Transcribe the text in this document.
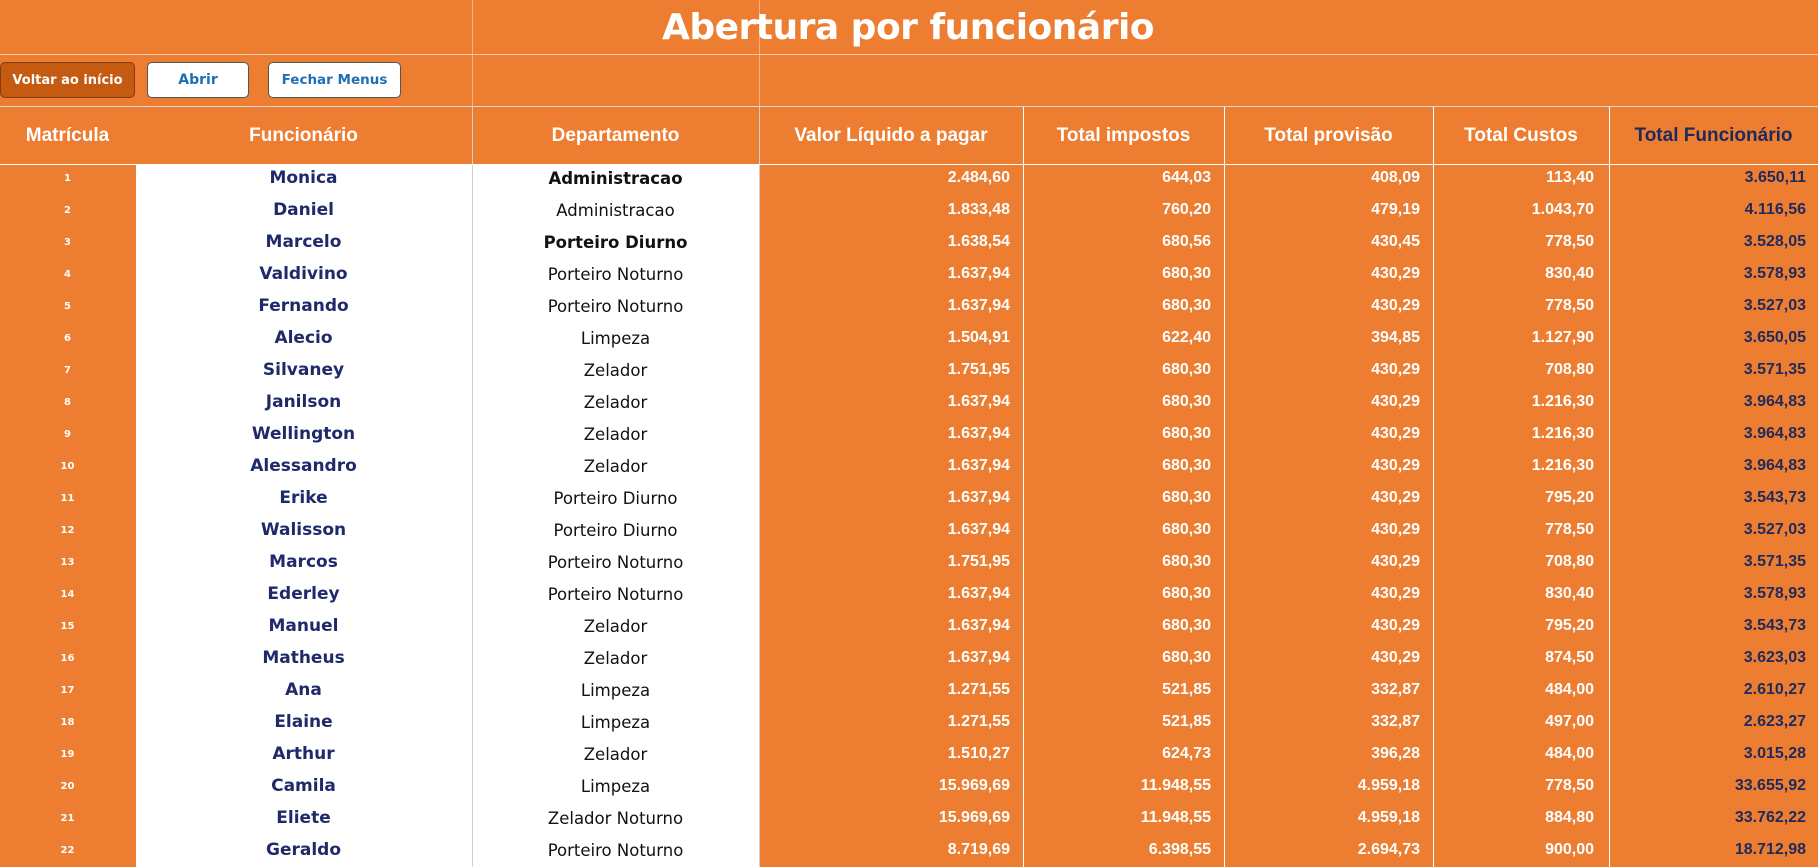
Abertura por funcionário
Voltar ao início	Abrir	Fechar Menus
Matrícula	Funcionário	Departamento	Valor Líquido a pagar	Total impostos	Total provisão	Total Custos	Total Funcionário
1	Monica	Administracao	2.484,60	644,03	408,09	113,40	3.650,11
2	Daniel	Administracao	1.833,48	760,20	479,19	1.043,70	4.116,56
3	Marcelo	Porteiro Diurno	1.638,54	680,56	430,45	778,50	3.528,05
4	Valdivino	Porteiro Noturno	1.637,94	680,30	430,29	830,40	3.578,93
5	Fernando	Porteiro Noturno	1.637,94	680,30	430,29	778,50	3.527,03
6	Alecio	Limpeza	1.504,91	622,40	394,85	1.127,90	3.650,05
7	Silvaney	Zelador	1.751,95	680,30	430,29	708,80	3.571,35
8	Janilson	Zelador	1.637,94	680,30	430,29	1.216,30	3.964,83
9	Wellington	Zelador	1.637,94	680,30	430,29	1.216,30	3.964,83
10	Alessandro	Zelador	1.637,94	680,30	430,29	1.216,30	3.964,83
11	Erike	Porteiro Diurno	1.637,94	680,30	430,29	795,20	3.543,73
12	Walisson	Porteiro Diurno	1.637,94	680,30	430,29	778,50	3.527,03
13	Marcos	Porteiro Noturno	1.751,95	680,30	430,29	708,80	3.571,35
14	Ederley	Porteiro Noturno	1.637,94	680,30	430,29	830,40	3.578,93
15	Manuel	Zelador	1.637,94	680,30	430,29	795,20	3.543,73
16	Matheus	Zelador	1.637,94	680,30	430,29	874,50	3.623,03
17	Ana	Limpeza	1.271,55	521,85	332,87	484,00	2.610,27
18	Elaine	Limpeza	1.271,55	521,85	332,87	497,00	2.623,27
19	Arthur	Zelador	1.510,27	624,73	396,28	484,00	3.015,28
20	Camila	Limpeza	15.969,69	11.948,55	4.959,18	778,50	33.655,92
21	Eliete	Zelador Noturno	15.969,69	11.948,55	4.959,18	884,80	33.762,22
22	Geraldo	Porteiro Noturno	8.719,69	6.398,55	2.694,73	900,00	18.712,98
